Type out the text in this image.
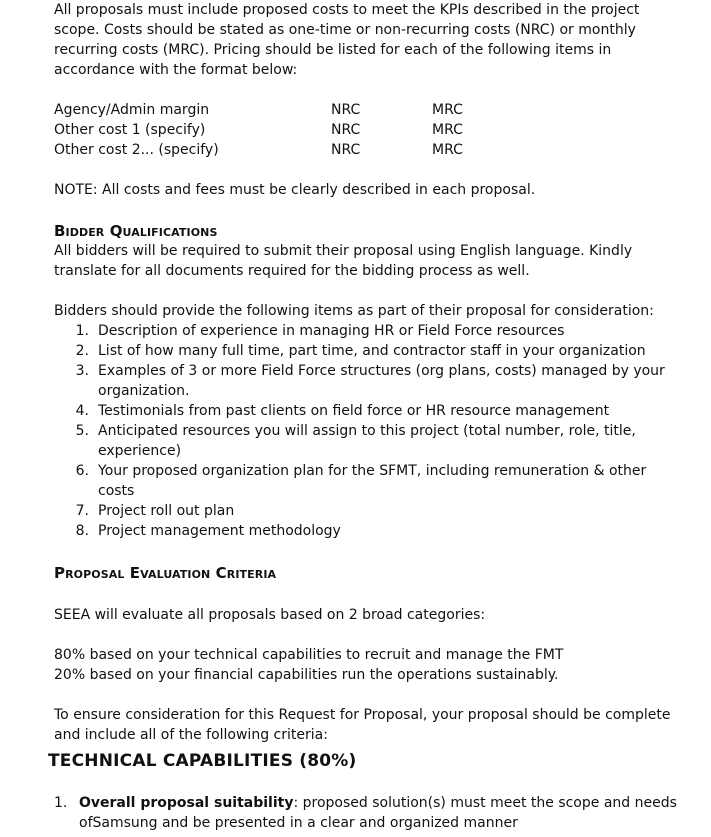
All proposals must include proposed costs to meet the KPIs described in the project scope. Costs should be stated as one-time or non-recurring costs (NRC) or monthly recurring costs (MRC). Pricing should be listed for each of the following items in accordance with the format below:

Agency/Admin margin	NRC	MRC
Other cost 1 (specify)	NRC	MRC
Other cost 2... (specify)	NRC	MRC

NOTE: All costs and fees must be clearly described in each proposal.

Bidder Qualifications

All bidders will be required to submit their proposal using English language. Kindly translate for all documents required for the bidding process as well.

Bidders should provide the following items as part of their proposal for consideration:

1. Description of experience in managing HR or Field Force resources
2. List of how many full time, part time, and contractor staff in your organization
3. Examples of 3 or more Field Force structures (org plans, costs) managed by your organization.
4. Testimonials from past clients on field force or HR resource management
5. Anticipated resources you will assign to this project (total number, role, title, experience)
6. Your proposed organization plan for the SFMT, including remuneration & other costs
7. Project roll out plan
8. Project management methodology
Proposal Evaluation Criteria

SEEA will evaluate all proposals based on 2 broad categories:

80% based on your technical capabilities to recruit and manage the FMT

20% based on your financial capabilities run the operations sustainably.

To ensure consideration for this Request for Proposal, your proposal should be complete and include all of the following criteria:

TECHNICAL CAPABILITIES (80%)
1. Overall proposal suitability: proposed solution(s) must meet the scope and needs ofSamsung and be presented in a clear and organized manner
